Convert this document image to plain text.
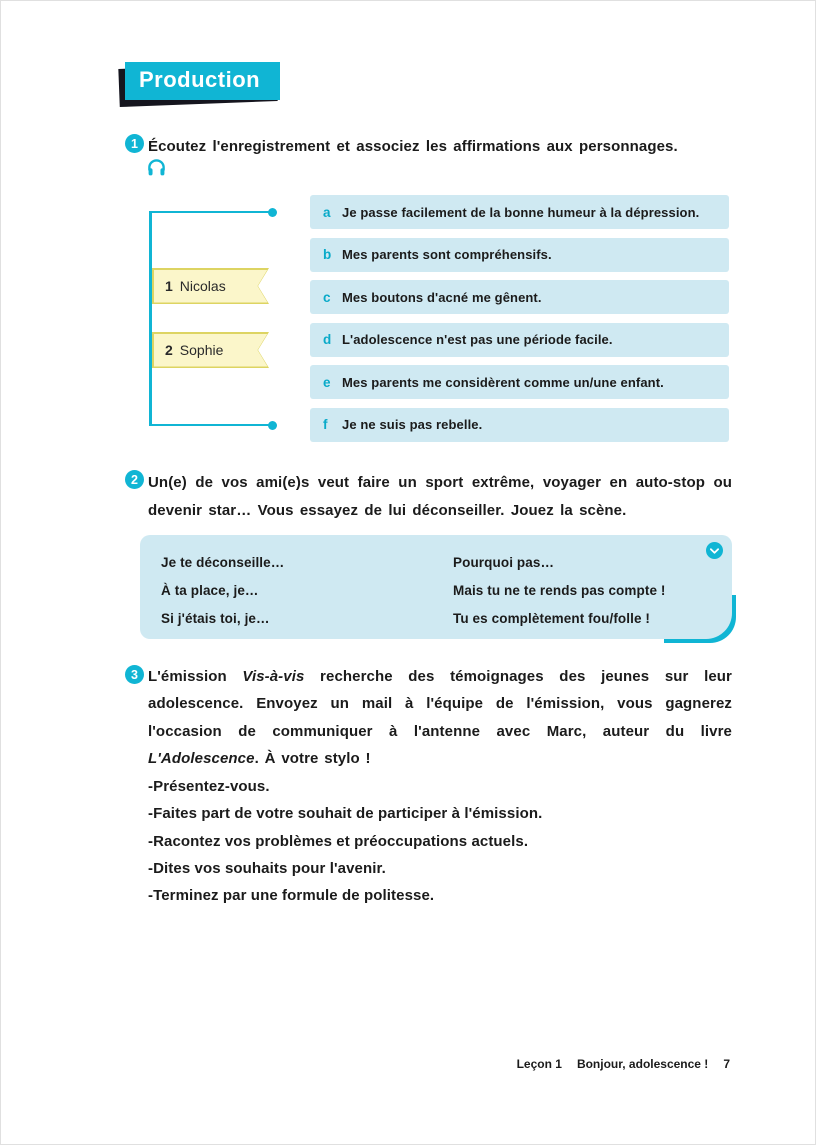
Production
1 Écoutez l'enregistrement et associez les affirmations aux personnages.
1 Nicolas
2 Sophie
a Je passe facilement de la bonne humeur à la dépression.
b Mes parents sont compréhensifs.
c Mes boutons d'acné me gênent.
d L'adolescence n'est pas une période facile.
e Mes parents me considèrent comme un/une enfant.
f	Je ne suis pas rebelle.
2 Un(e) de vos ami(e)s veut faire un sport extrême, voyager en auto-stop ou devenir star… Vous essayez de lui déconseiller. Jouez la scène.
Je te déconseille…
À ta place, je…
Si j'étais toi, je…
Pourquoi pas…
Mais tu ne te rends pas compte !
Tu es complètement fou/folle !
3 L'émission Vis-à-vis recherche des témoignages des jeunes sur leur adolescence. Envoyez un mail à l'équipe de l'émission, vous gagnerez l'occasion de communiquer à l'antenne avec Marc, auteur du livre L'Adolescence. À votre stylo !
-Présentez-vous.
-Faites part de votre souhait de participer à l'émission.
-Racontez vos problèmes et préoccupations actuels.
-Dites vos souhaits pour l'avenir.
-Terminez par une formule de politesse.
Leçon 1 Bonjour, adolescence ! 7
